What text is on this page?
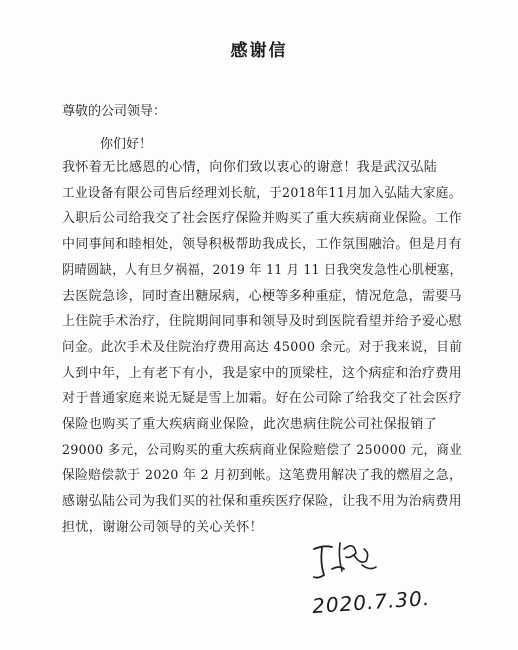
感谢信
尊敬的公司领导：
你们好！
我怀着无比感恩的心情，向你们致以衷心的谢意！我是武汉弘陆
工业设备有限公司售后经理刘长航，于2018年11月加入弘陆大家庭。
入职后公司给我交了社会医疗保险并购买了重大疾病商业保险。工作
中同事间和睦相处，领导积极帮助我成长，工作氛围融洽。但是月有
阴晴圆缺，人有旦夕祸福，2019 年 11 月 11 日我突发急性心肌梗塞，
去医院急诊，同时查出糖尿病，心梗等多种重症，情况危急，需要马
上住院手术治疗，住院期间同事和领导及时到医院看望并给予爱心慰
问金。此次手术及住院治疗费用高达 45000 余元。对于我来说，目前
人到中年，上有老下有小，我是家中的顶梁柱，这个病症和治疗费用
对于普通家庭来说无疑是雪上加霜。好在公司除了给我交了社会医疗
保险也购买了重大疾病商业保险，此次患病住院公司社保报销了
29000 多元，公司购买的重大疾病商业保险赔偿了 250000 元，商业
保险赔偿款于 2020 年 2 月初到帐。这笔费用解决了我的燃眉之急，
感谢弘陆公司为我们买的社保和重疾医疗保险，让我不用为治病费用
担忧，谢谢公司领导的关心关怀！
2020.7.30.
